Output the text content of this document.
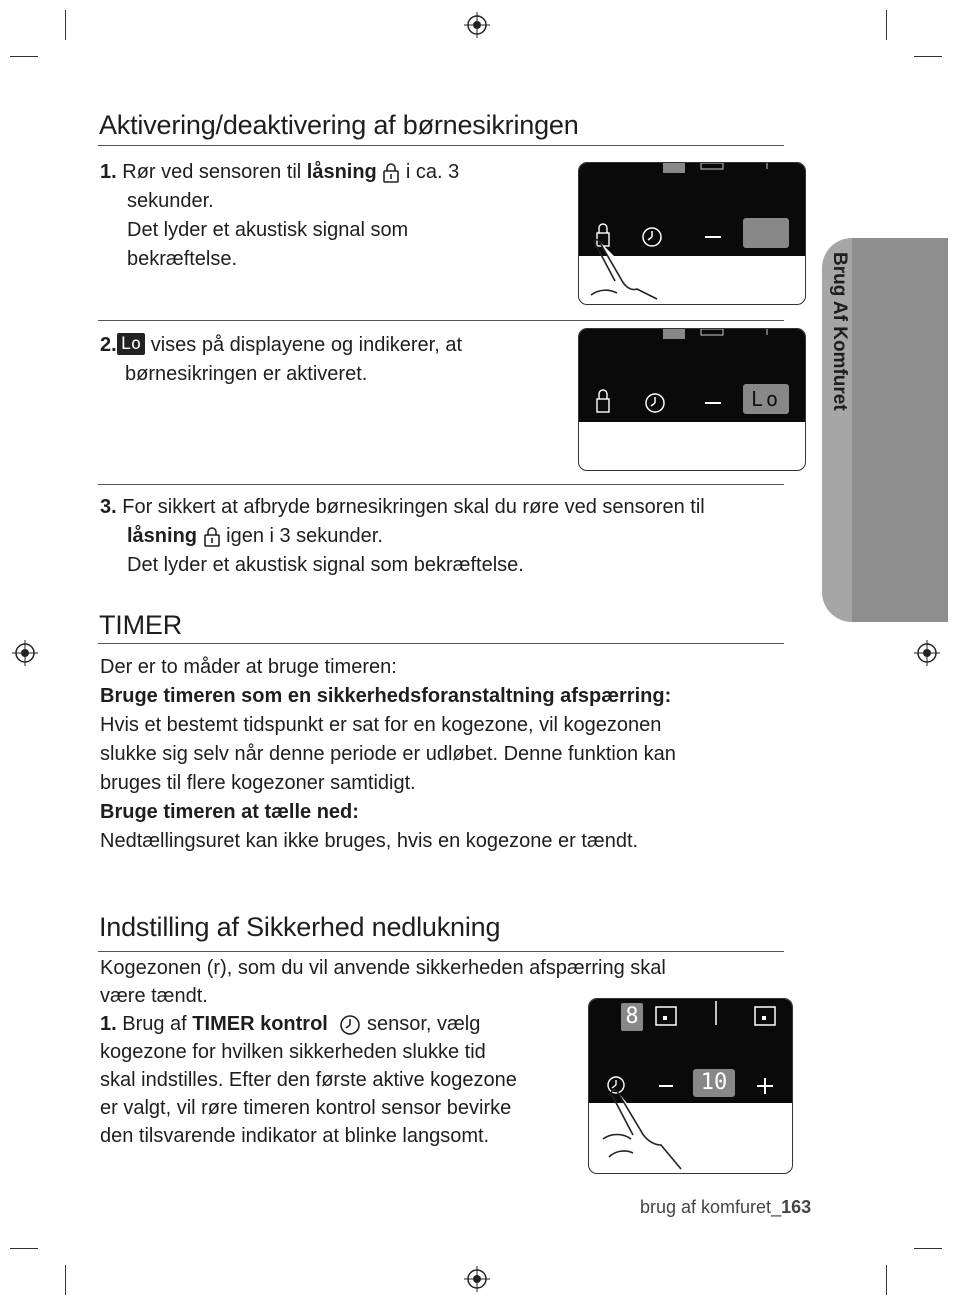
Brug Af Komfuret
Aktivering/deaktivering af børnesikringen
1. Rør ved sensoren til låsning  i ca. 3
sekunder.
Det lyder et akustisk signal som
bekræftelse.
2. Lo vises på displayene og indikerer, at
børnesikringen er aktiveret.
Lo
3. For sikkert at afbryde børnesikringen skal du røre ved sensoren til
låsning  igen i 3 sekunder.
Det lyder et akustisk signal som bekræftelse.
TIMER
Der er to måder at bruge timeren:
Bruge timeren som en sikkerhedsforanstaltning afspærring:
Hvis et bestemt tidspunkt er sat for en kogezone, vil kogezonen
slukke sig selv når denne periode er udløbet. Denne funktion kan
bruges til flere kogezoner samtidigt.
Bruge timeren at tælle ned:
Nedtællingsuret kan ikke bruges, hvis en kogezone er tændt.
Indstilling af Sikkerhed nedlukning
Kogezonen (r), som du vil anvende sikkerheden afspærring skal
være tændt.
1. Brug af TIMER kontrol  sensor, vælg
kogezone for hvilken sikkerheden slukke tid
skal indstilles. Efter den første aktive kogezone
er valgt, vil røre timeren kontrol sensor bevirke
den tilsvarende indikator at blinke langsomt.
8
10
brug af komfuret_163
